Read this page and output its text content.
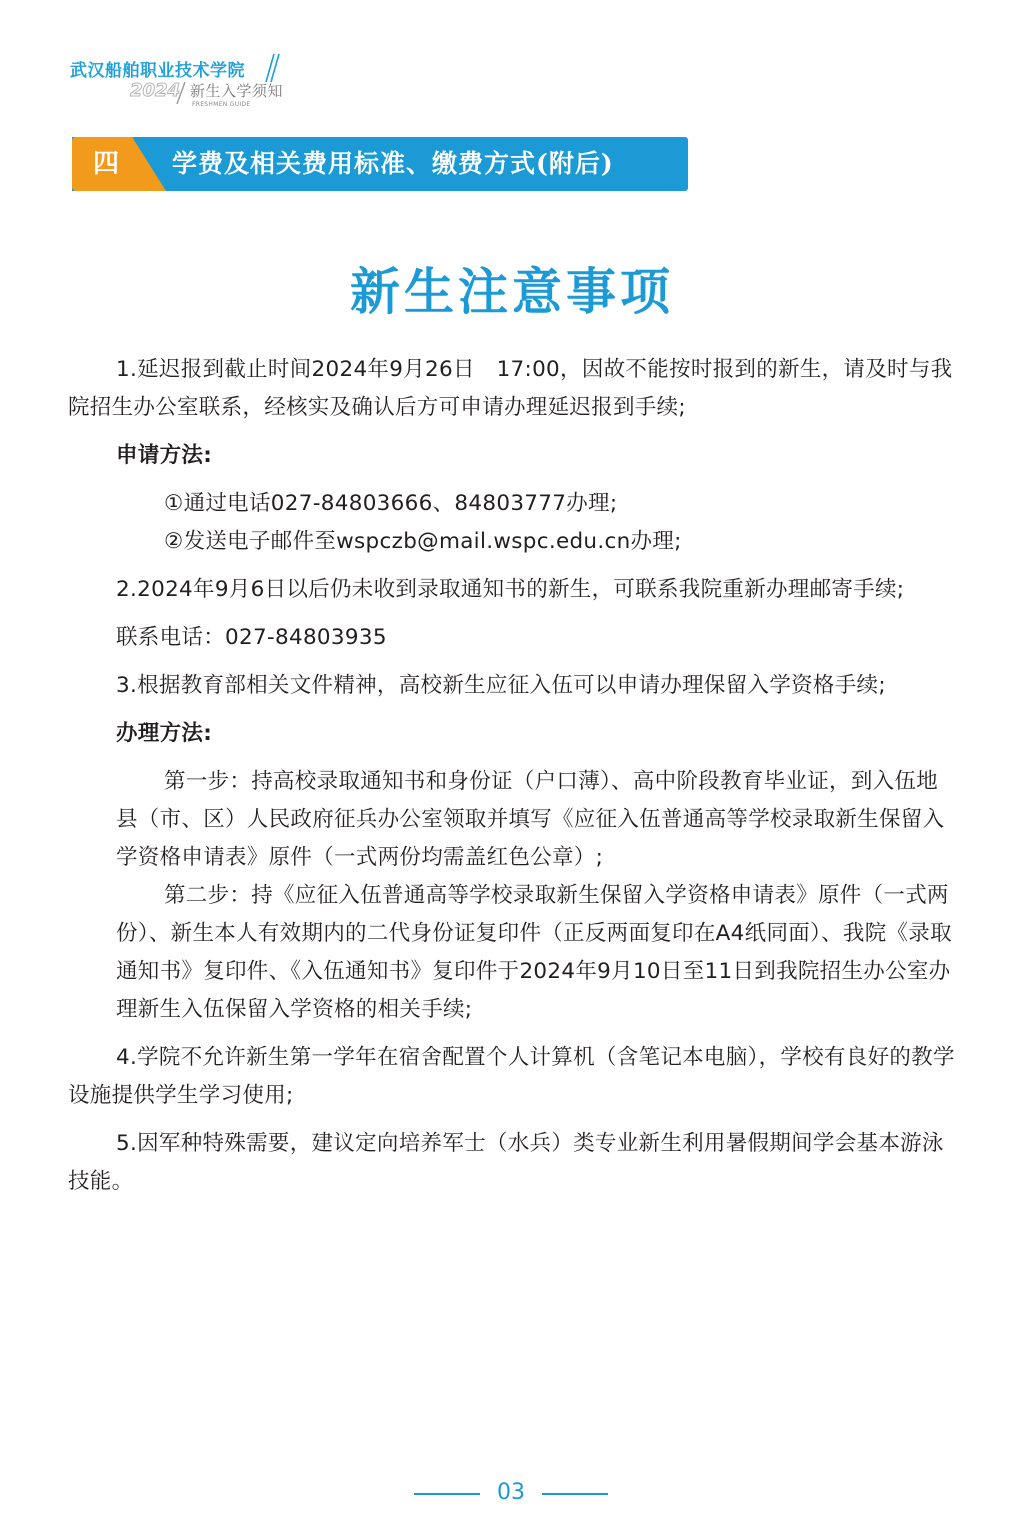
武汉船舶职业技术学院
2024 新生入学须知
FRESHMEN GUIDE
四	学费及相关费用标准、缴费方式(附后)
新生注意事项

1.延迟报到截止时间2024年9月26日　17:00，因故不能按时报到的新生，请及时与我院招生办公室联系，经核实及确认后方可申请办理延迟报到手续;

申请方法:

①通过电话027-84803666、84803777办理;

②发送电子邮件至wspczb@mail.wspc.edu.cn办理;

2.2024年9月6日以后仍未收到录取通知书的新生，可联系我院重新办理邮寄手续;

联系电话：027-84803935

3.根据教育部相关文件精神，高校新生应征入伍可以申请办理保留入学资格手续;

办理方法:

第一步：持高校录取通知书和身份证（户口薄）、高中阶段教育毕业证，到入伍地县（市、区）人民政府征兵办公室领取并填写《应征入伍普通高等学校录取新生保留入学资格申请表》原件（一式两份均需盖红色公章）;

第二步：持《应征入伍普通高等学校录取新生保留入学资格申请表》原件（一式两份）、新生本人有效期内的二代身份证复印件（正反两面复印在A4纸同面）、我院《录取通知书》复印件、《入伍通知书》复印件于2024年9月10日至11日到我院招生办公室办理新生入伍保留入学资格的相关手续;

4.学院不允许新生第一学年在宿舍配置个人计算机（含笔记本电脑），学校有良好的教学设施提供学生学习使用;

5.因军种特殊需要，建议定向培养军士（水兵）类专业新生利用暑假期间学会基本游泳技能。

03
